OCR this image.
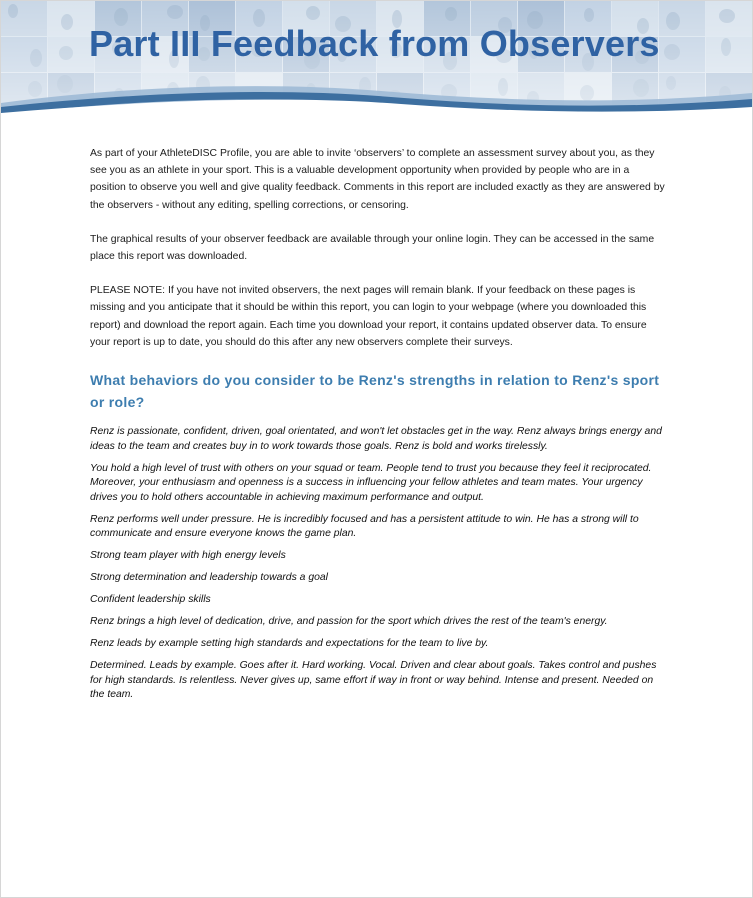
Part III Feedback from Observers

As part of your AthleteDISC Profile, you are able to invite ‘observers’ to complete an assessment survey about you, as they see you as an athlete in your sport. This is a valuable development opportunity when provided by people who are in a position to observe you well and give quality feedback. Comments in this report are included exactly as they are answered by the observers - without any editing, spelling corrections, or censoring.

The graphical results of your observer feedback are available through your online login. They can be accessed in the same place this report was downloaded.

PLEASE NOTE: If you have not invited observers, the next pages will remain blank. If your feedback on these pages is missing and you anticipate that it should be within this report, you can login to your webpage (where you downloaded this report) and download the report again. Each time you download your report, it contains updated observer data. To ensure your report is up to date, you should do this after any new observers complete their surveys.

What behaviors do you consider to be Renz's strengths in relation to Renz's sport or role?
Renz is passionate, confident, driven, goal orientated, and won't let obstacles get in the way. Renz always brings energy and ideas to the team and creates buy in to work towards those goals. Renz is bold and works tirelessly.
You hold a high level of trust with others on your squad or team. People tend to trust you because they feel it reciprocated. Moreover, your enthusiasm and openness is a success in influencing your fellow athletes and team mates. Your urgency drives you to hold others accountable in achieving maximum performance and output.
Renz performs well under pressure. He is incredibly focused and has a persistent attitude to win. He has a strong will to communicate and ensure everyone knows the game plan.
Strong team player with high energy levels
Strong determination and leadership towards a goal
Confident leadership skills
Renz brings a high level of dedication, drive, and passion for the sport which drives the rest of the team's energy.
Renz leads by example setting high standards and expectations for the team to live by.
Determined. Leads by example. Goes after it. Hard working. Vocal. Driven and clear about goals. Takes control and pushes for high standards. Is relentless. Never gives up, same effort if way in front or way behind. Intense and present. Needed on the team.
